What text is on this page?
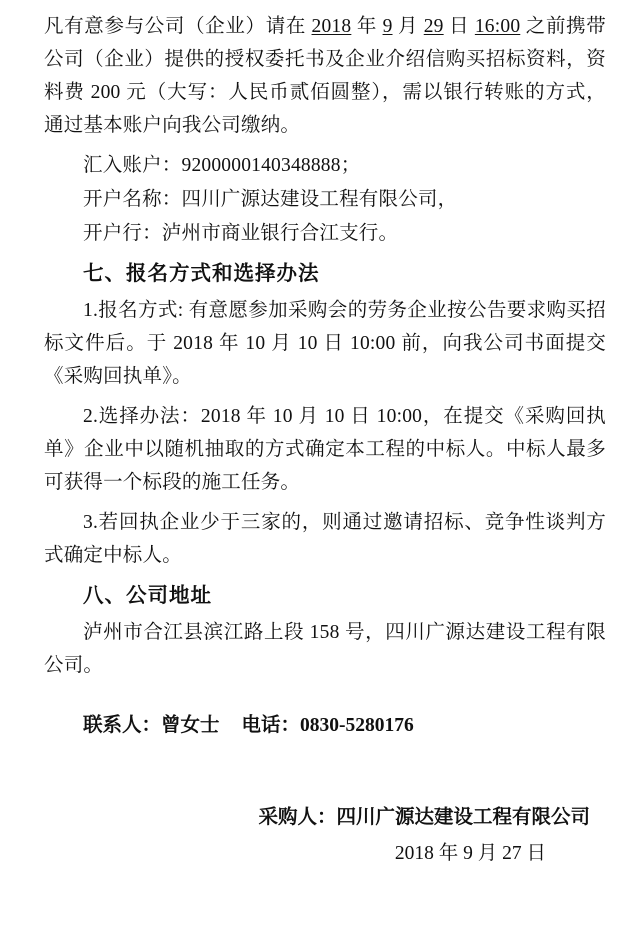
凡有意参与公司（企业）请在 2018 年 9 月 29 日 16:00 之前携带公司（企业）提供的授权委托书及企业介绍信购买招标资料，资料费 200 元（大写：人民币贰佰圆整），需以银行转账的方式，通过基本账户向我公司缴纳。

汇入账户：9200000140348888；

开户名称：四川广源达建设工程有限公司，

开户行：泸州市商业银行合江支行。

七、报名方式和选择办法

1.报名方式: 有意愿参加采购会的劳务企业按公告要求购买招标文件后。于 2018 年 10 月 10 日 10:00 前，向我公司书面提交《采购回执单》。

2.选择办法：2018 年 10 月 10 日 10:00，在提交《采购回执单》企业中以随机抽取的方式确定本工程的中标人。中标人最多可获得一个标段的施工任务。

3.若回执企业少于三家的，则通过邀请招标、竞争性谈判方式确定中标人。

八、公司地址

泸州市合江县滨江路上段 158 号，四川广源达建设工程有限公司。

联系人：曾女士 电话：0830-5280176

采购人：四川广源达建设工程有限公司
2018 年 9 月 27 日
